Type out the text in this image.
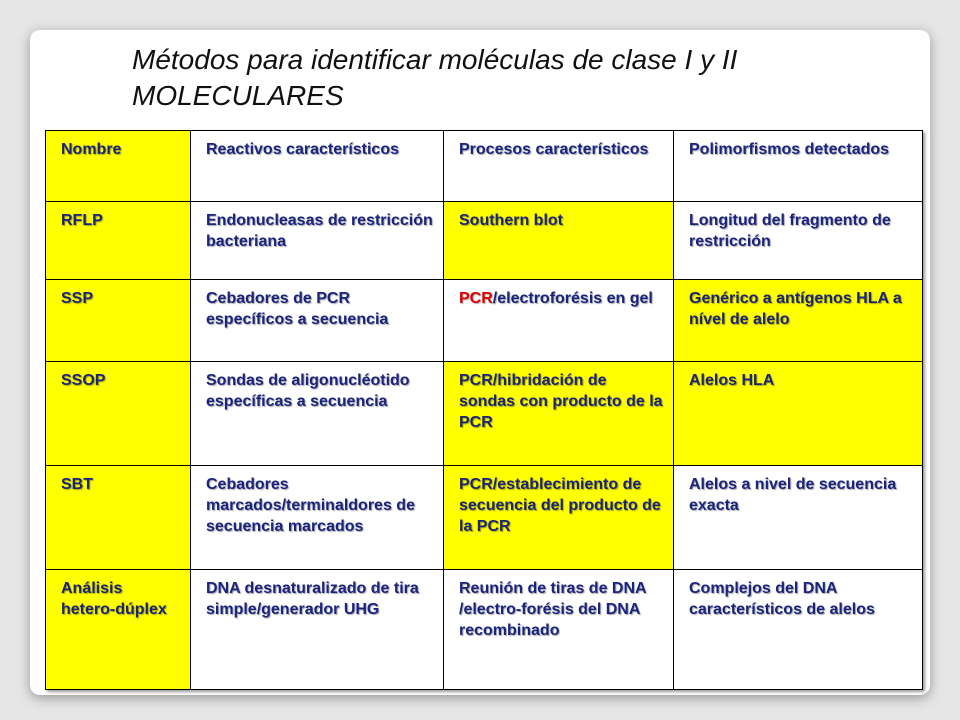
Métodos para identificar moléculas de clase I y II
MOLECULARES
Nombre	Reactivos característicos	Procesos característicos	Polimorfismos detectados
RFLP	Endonucleasas de restricción bacteriana	Southern blot	Longitud del fragmento de restricción
SSP	Cebadores de PCR específicos a secuencia	PCR/electroforésis en gel	Genérico a antígenos HLA a nível de alelo
SSOP	Sondas de aligonucléotido específicas a secuencia	PCR/hibridación de sondas con producto de la PCR	Alelos HLA
SBT	Cebadores marcados/terminaldores de secuencia marcados	PCR/establecimiento de secuencia del producto de la PCR	Alelos a nivel de secuencia exacta
Análisis hetero-dúplex	DNA desnaturalizado de tira simple/generador UHG	Reunión de tiras de DNA /electro-forésis del DNA recombinado	Complejos del DNA característicos de alelos
